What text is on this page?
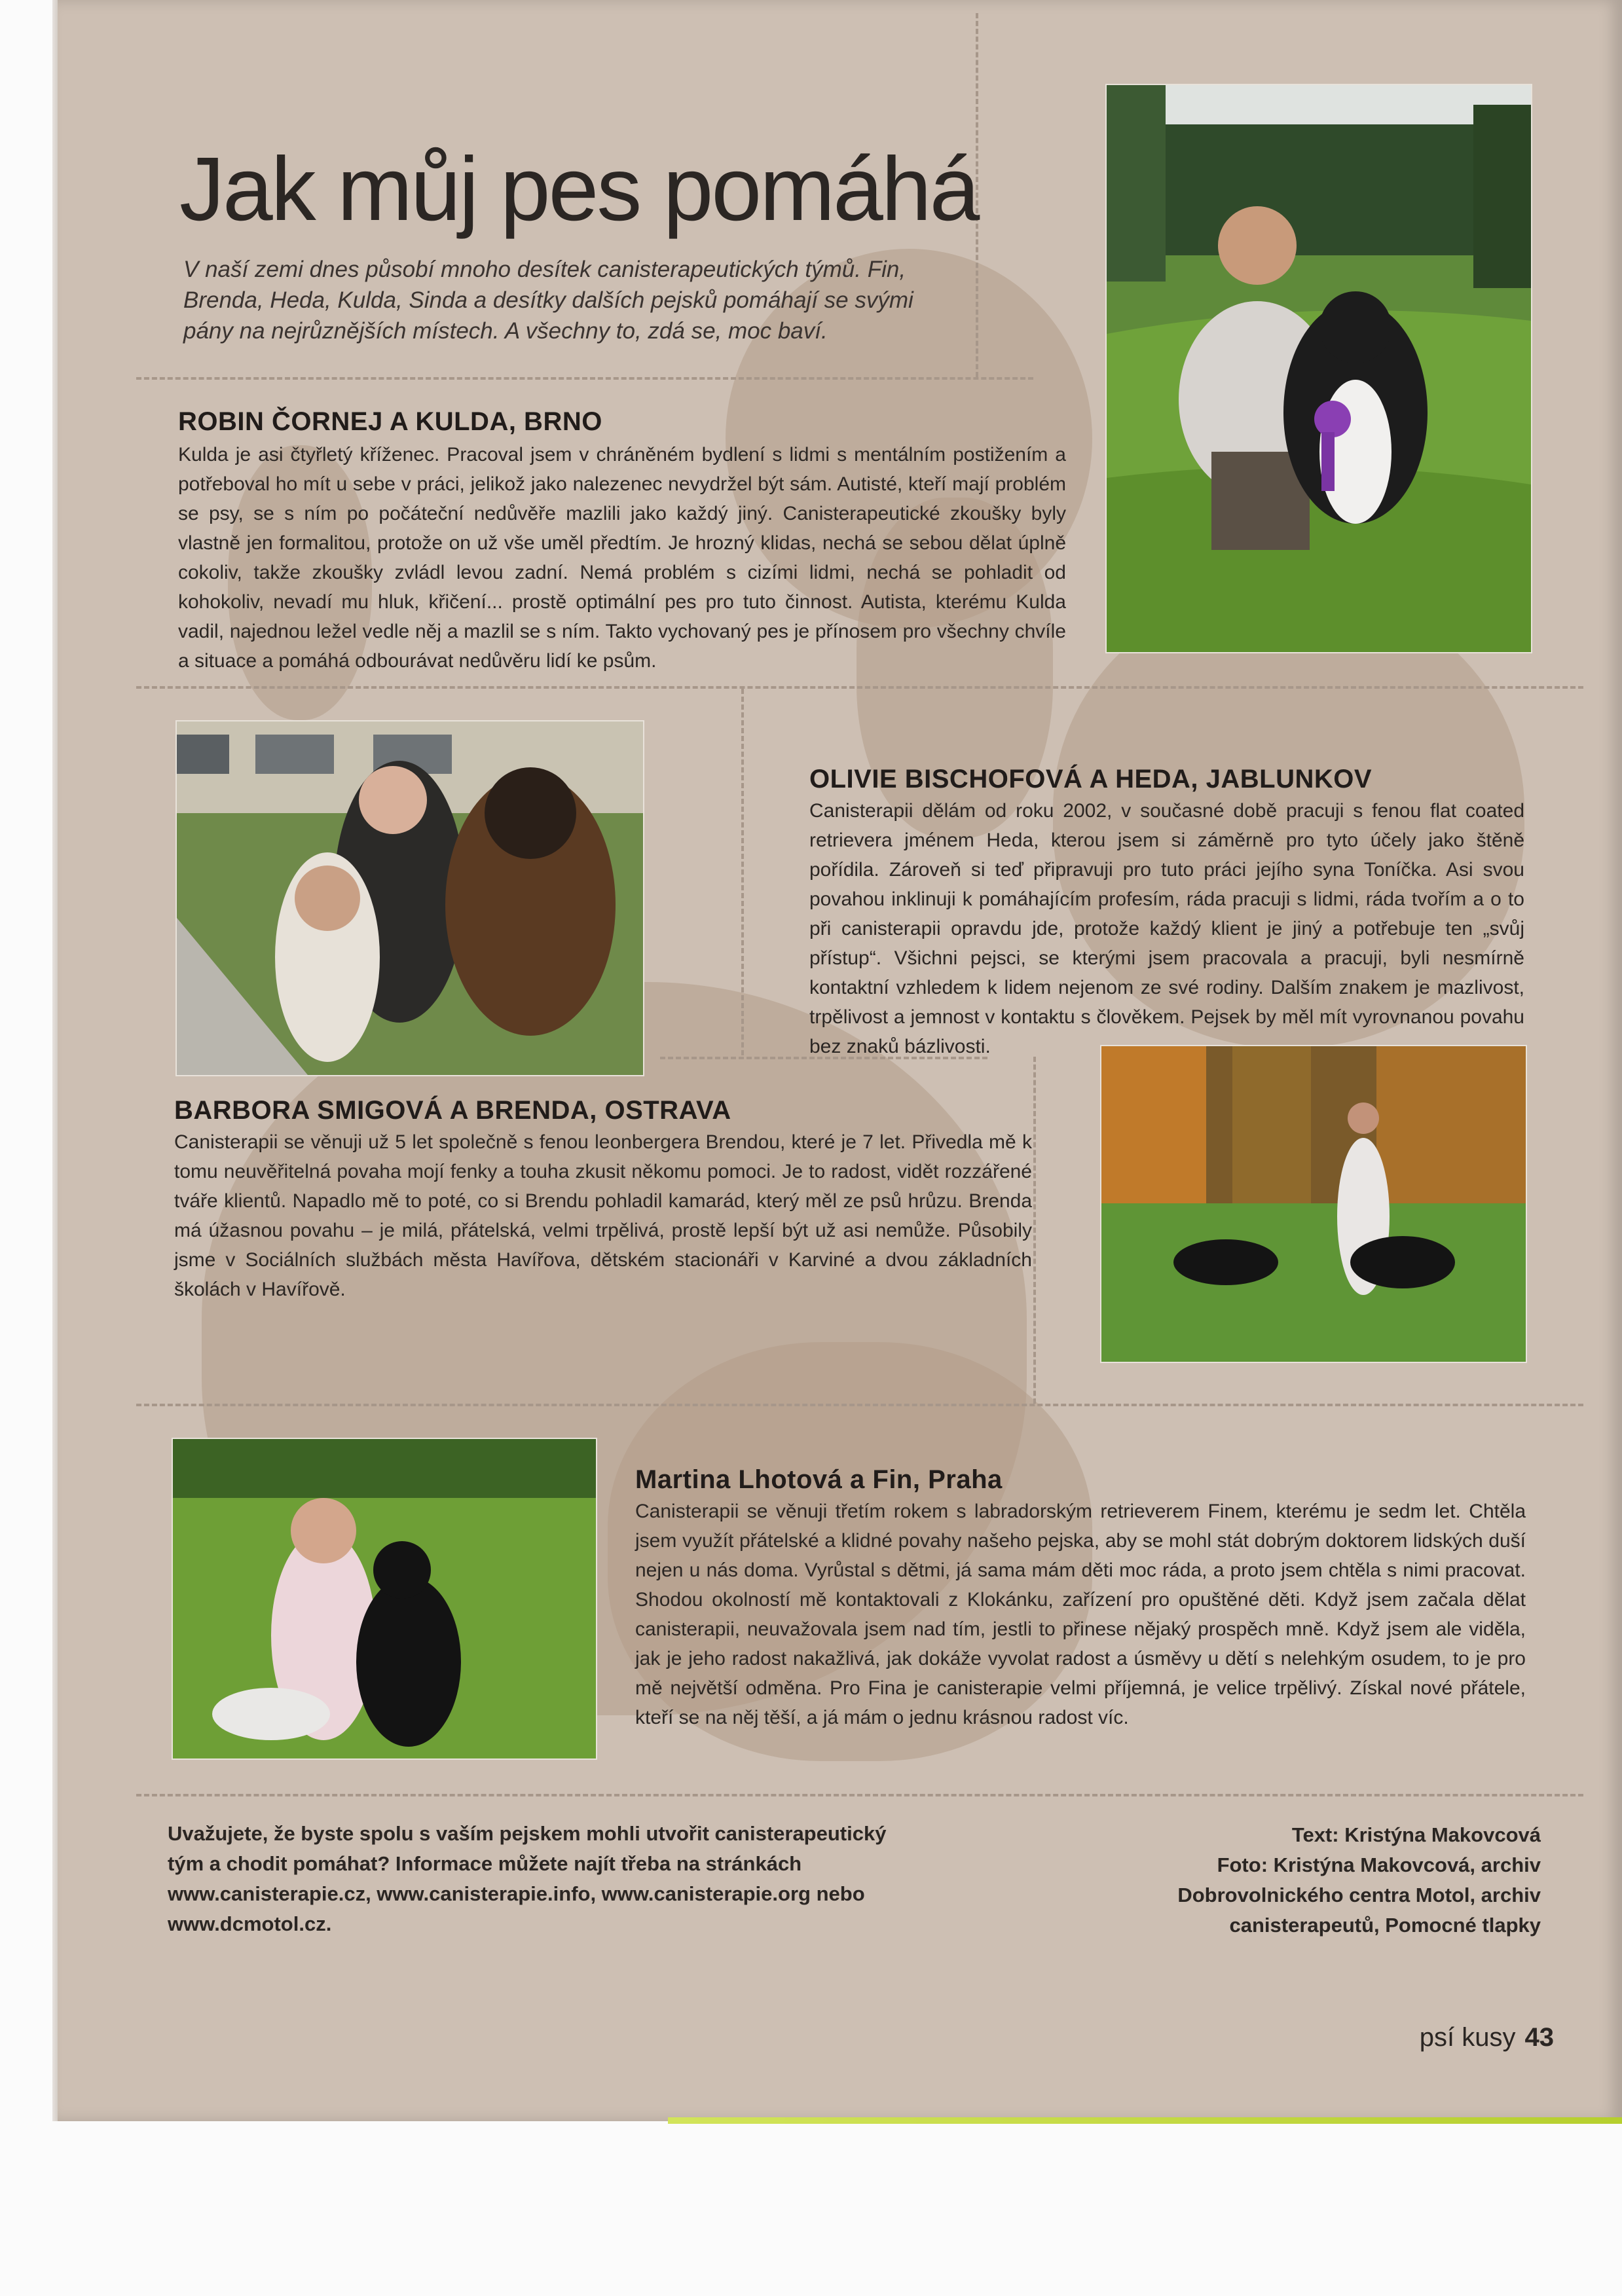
Jak můj pes pomáhá

V naší zemi dnes působí mnoho desítek canisterapeutických týmů. Fin, Brenda, Heda, Kulda, Sinda a desítky dalších pejsků pomáhají se svými pány na nejrůznějších místech. A všechny to, zdá se, moc baví.

ROBIN ČORNEJ A KULDA, BRNO

Kulda je asi čtyřletý kříženec. Pracoval jsem v chráněném bydlení s lidmi s mentálním postižením a potřeboval ho mít u sebe v práci, jelikož jako nalezenec nevydržel být sám. Autisté, kteří mají problém se psy, se s ním po počáteční nedůvěře mazlili jako každý jiný. Canisterapeutické zkoušky byly vlastně jen formalitou, protože on už vše uměl předtím. Je hrozný klidas, nechá se sebou dělat úplně cokoliv, takže zkoušky zvládl levou zadní. Nemá problém s cizími lidmi, nechá se pohladit od kohokoliv, nevadí mu hluk, křičení... prostě optimální pes pro tuto činnost. Autista, kterému Kulda vadil, najednou ležel vedle něj a mazlil se s ním. Takto vychovaný pes je přínosem pro všechny chvíle a situace a pomáhá odbourávat nedůvěru lidí ke psům.

OLIVIE BISCHOFOVÁ A HEDA, JABLUNKOV

Canisterapii dělám od roku 2002, v současné době pracuji s fenou flat coated retrievera jménem Heda, kterou jsem si záměrně pro tyto účely jako štěně pořídila. Zároveň si teď připravuji pro tuto práci jejího syna Toníčka. Asi svou povahou inklinuji k pomáhajícím profesím, ráda pracuji s lidmi, ráda tvořím a o to při canisterapii opravdu jde, protože každý klient je jiný a potřebuje ten „svůj přístup“. Všichni pejsci, se kterými jsem pracovala a pracuji, byli nesmírně kontaktní vzhledem k lidem nejenom ze své rodiny. Dalším znakem je mazlivost, trpělivost a jemnost v kontaktu s člověkem. Pejsek by měl mít vyrovnanou povahu bez znaků bázlivosti.

BARBORA SMIGOVÁ A BRENDA, OSTRAVA

Canisterapii se věnuji už 5 let společně s fenou leonbergera Brendou, které je 7 let. Přivedla mě k tomu neuvěřitelná povaha mojí fenky a touha zkusit někomu pomoci. Je to radost, vidět rozzářené tváře klientů. Napadlo mě to poté, co si Brendu pohladil kamarád, který měl ze psů hrůzu. Brenda má úžasnou povahu – je milá, přátelská, velmi trpělivá, prostě lepší být už asi nemůže. Působily jsme v Sociálních službách města Havířova, dětském stacionáři v Karviné a dvou základních školách v Havířově.

Martina Lhotová a Fin, Praha

Canisterapii se věnuji třetím rokem s labradorským retrieverem Finem, kterému je sedm let. Chtěla jsem využít přátelské a klidné povahy našeho pejska, aby se mohl stát dobrým doktorem lidských duší nejen u nás doma. Vyrůstal s dětmi, já sama mám děti moc ráda, a proto jsem chtěla s nimi pracovat. Shodou okolností mě kontaktovali z Klokánku, zařízení pro opuštěné děti. Když jsem začala dělat canisterapii, neuvažovala jsem nad tím, jestli to přinese nějaký prospěch mně. Když jsem ale viděla, jak je jeho radost nakažlivá, jak dokáže vyvolat radost a úsměvy u dětí s nelehkým osudem, to je pro mě největší odměna. Pro Fina je canisterapie velmi příjemná, je velice trpělivý. Získal nové přátele, kteří se na něj těší, a já mám o jednu krásnou radost víc.

Uvažujete, že byste spolu s vaším pejskem mohli utvořit canisterapeutický tým a chodit pomáhat? Informace můžete najít třeba na stránkách www.canisterapie.cz, www.canisterapie.info, www.canisterapie.org nebo www.dcmotol.cz.

Text: Kristýna Makovcová
Foto: Kristýna Makovcová, archiv
Dobrovolnického centra Motol, archiv
canisterapeutů, Pomocné tlapky
psí kusy 43
